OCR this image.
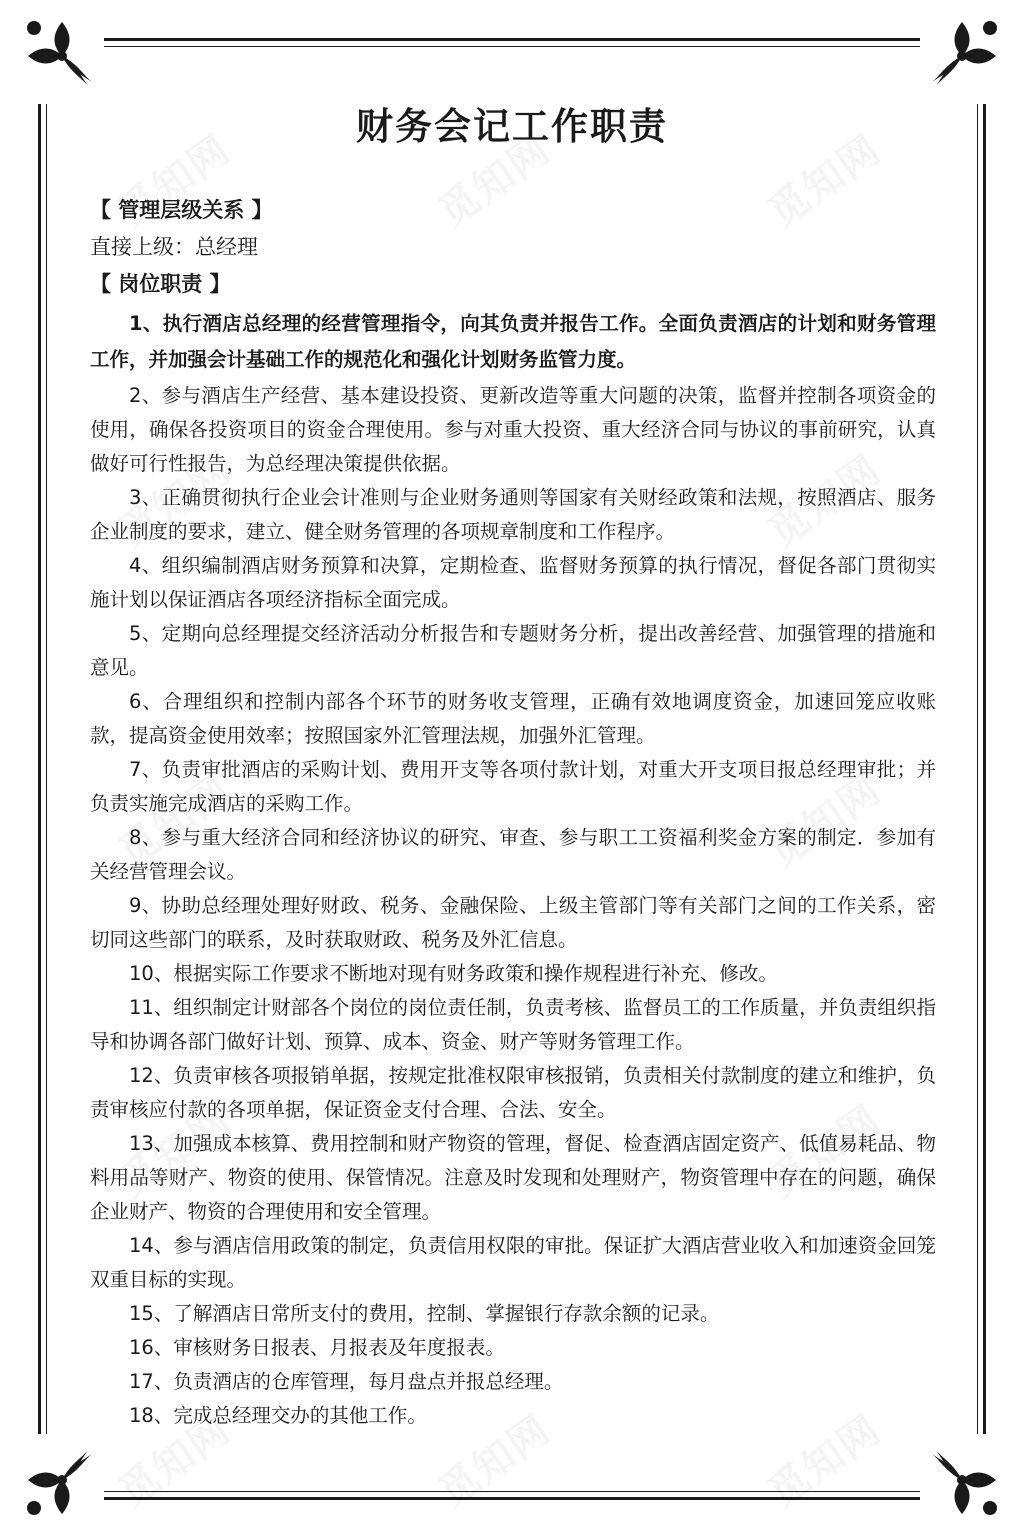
财务会记工作职责

【 管理层级关系 】

直接上级：总经理

【 岗位职责 】

1、执行酒店总经理的经营管理指令，向其负责并报告工作。全面负责酒店的计划和财务管理工作，并加强会计基础工作的规范化和强化计划财务监管力度。

2、参与酒店生产经营、基本建设投资、更新改造等重大问题的决策，监督并控制各项资金的使用，确保各投资项目的资金合理使用。参与对重大投资、重大经济合同与协议的事前研究，认真做好可行性报告，为总经理决策提供依据。

3、正确贯彻执行企业会计准则与企业财务通则等国家有关财经政策和法规，按照酒店、服务企业制度的要求，建立、健全财务管理的各项规章制度和工作程序。

4、组织编制酒店财务预算和决算，定期检查、监督财务预算的执行情况，督促各部门贯彻实施计划以保证酒店各项经济指标全面完成。

5、定期向总经理提交经济活动分析报告和专题财务分析，提出改善经营、加强管理的措施和意见。

6、合理组织和控制内部各个环节的财务收支管理，正确有效地调度资金，加速回笼应收账款，提高资金使用效率；按照国家外汇管理法规，加强外汇管理。

7、负责审批酒店的采购计划、费用开支等各项付款计划，对重大开支项目报总经理审批；并负责实施完成酒店的采购工作。

8、参与重大经济合同和经济协议的研究、审查、参与职工工资福利奖金方案的制定．参加有关经营管理会议。

9、协助总经理处理好财政、税务、金融保险、上级主管部门等有关部门之间的工作关系，密切同这些部门的联系，及时获取财政、税务及外汇信息。

10、根据实际工作要求不断地对现有财务政策和操作规程进行补充、修改。

11、组织制定计财部各个岗位的岗位责任制，负责考核、监督员工的工作质量，并负责组织指导和协调各部门做好计划、预算、成本、资金、财产等财务管理工作。

12、负责审核各项报销单据，按规定批准权限审核报销，负责相关付款制度的建立和维护，负责审核应付款的各项单据，保证资金支付合理、合法、安全。

13、加强成本核算、费用控制和财产物资的管理，督促、检查酒店固定资产、低值易耗品、物料用品等财产、物资的使用、保管情况。注意及时发现和处理财产，物资管理中存在的问题，确保企业财产、物资的合理使用和安全管理。

14、参与酒店信用政策的制定，负责信用权限的审批。保证扩大酒店营业收入和加速资金回笼双重目标的实现。

15、了解酒店日常所支付的费用，控制、掌握银行存款余额的记录。

16、审核财务日报表、月报表及年度报表。

17、负责酒店的仓库管理，每月盘点并报总经理。

18、完成总经理交办的其他工作。
